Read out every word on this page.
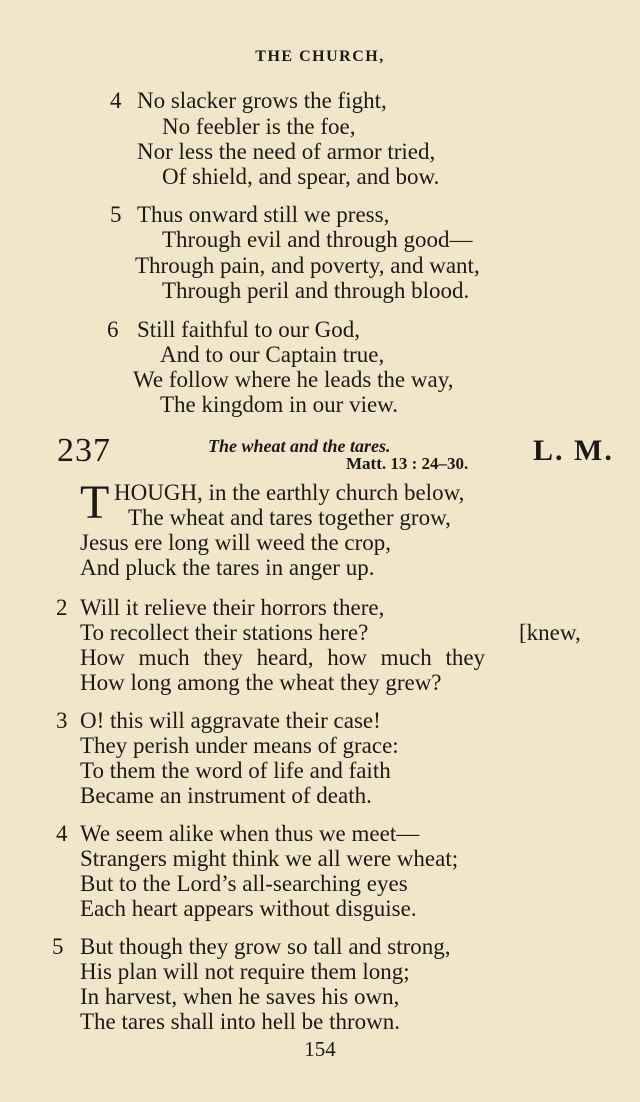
THE CHURCH,
4 No slacker grows the fight,
No feebler is the foe,
Nor less the need of armor tried,
Of shield, and spear, and bow.
5 Thus onward still we press,
Through evil and through good—
Through pain, and poverty, and want,
Through peril and through blood.
6 Still faithful to our God,
And to our Captain true,
We follow where he leads the way,
The kingdom in our view.
237	The wheat and the tares.
Matt. 13 : 24–30. L. M.
T HOUGH, in the earthly church below,
The wheat and tares together grow,
Jesus ere long will weed the crop,
And pluck the tares in anger up.
2 Will it relieve their horrors there,
To recollect their stations here?	[knew,
How much they heard, how much they
How long among the wheat they grew?
3 O! this will aggravate their case!
They perish under means of grace:
To them the word of life and faith
Became an instrument of death.
4 We seem alike when thus we meet—
Strangers might think we all were wheat;
But to the Lord’s all-searching eyes
Each heart appears without disguise.
5 But though they grow so tall and strong,
His plan will not require them long;
In harvest, when he saves his own,
The tares shall into hell be thrown.
154
